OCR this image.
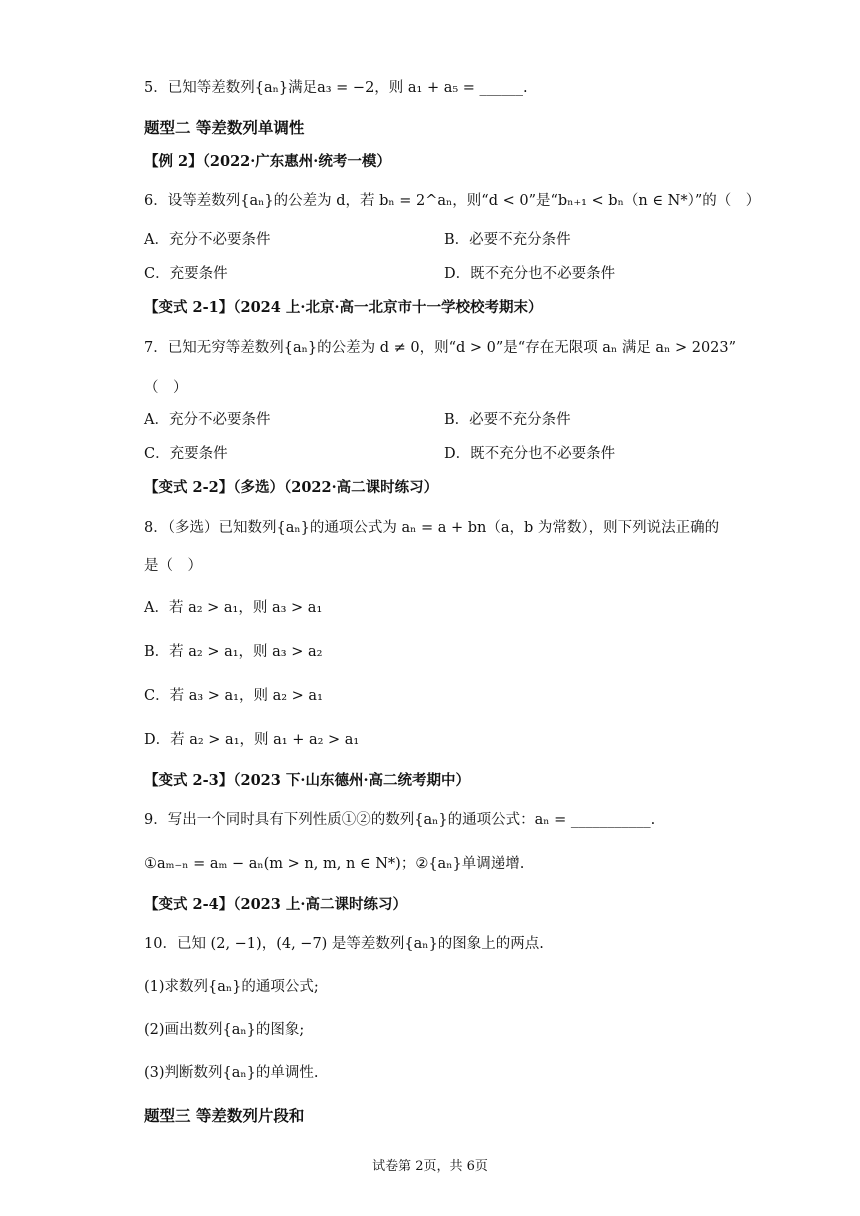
5．已知等差数列{aₙ}满足a₃ = −2，则 a₁ + a₅ = ______.
题型二 等差数列单调性
【例 2】（2022·广东惠州·统考一模）
6．设等差数列{aₙ}的公差为 d，若 bₙ = 2^aₙ，则“d < 0”是“bₙ₊₁ < bₙ（n ∈ N*）”的（　）
A．充分不必要条件	B．必要不充分条件
C．充要条件	D．既不充分也不必要条件
【变式 2-1】（2024 上·北京·高一北京市十一学校校考期末）
7．已知无穷等差数列{aₙ}的公差为 d ≠ 0，则“d > 0”是“存在无限项 aₙ 满足 aₙ > 2023”
（　）
A．充分不必要条件	B．必要不充分条件
C．充要条件	D．既不充分也不必要条件
【变式 2-2】（多选）（2022·高二课时练习）
8．（多选）已知数列{aₙ}的通项公式为 aₙ = a + bn（a，b 为常数），则下列说法正确的
是（　）
A．若 a₂ > a₁，则 a₃ > a₁
B．若 a₂ > a₁，则 a₃ > a₂
C．若 a₃ > a₁，则 a₂ > a₁
D．若 a₂ > a₁，则 a₁ + a₂ > a₁
【变式 2-3】（2023 下·山东德州·高二统考期中）
9．写出一个同时具有下列性质①②的数列{aₙ}的通项公式：aₙ = ___________.
①aₘ₋ₙ = aₘ − aₙ(m > n, m, n ∈ N*)；②{aₙ}单调递增.
【变式 2-4】（2023 上·高二课时练习）
10．已知 (2, −1)，(4, −7) 是等差数列{aₙ}的图象上的两点.
(1)求数列{aₙ}的通项公式;
(2)画出数列{aₙ}的图象;
(3)判断数列{aₙ}的单调性.
题型三 等差数列片段和
试卷第 2页，共 6页
